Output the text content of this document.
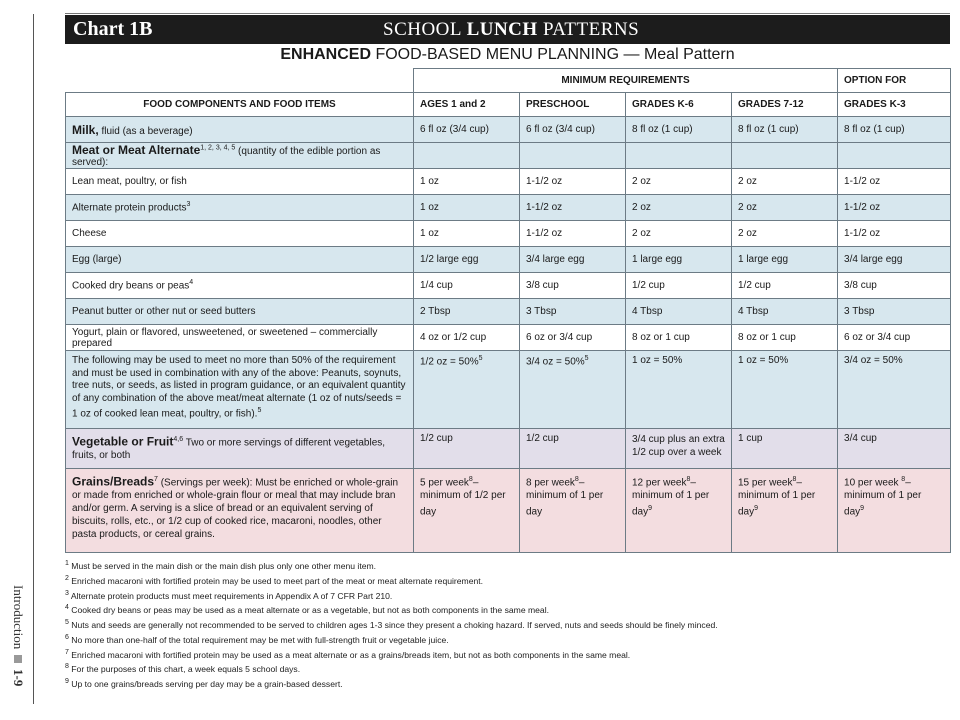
Introduction
1-9
Chart 1B	SCHOOL LUNCH PATTERNS
ENHANCED FOOD-BASED MENU PLANNING — Meal Pattern
	MINIMUM REQUIREMENTS				OPTION FOR
FOOD COMPONENTS AND FOOD ITEMS	AGES 1 and 2	PRESCHOOL	GRADES K-6	GRADES 7-12	GRADES K-3
Milk, fluid (as a beverage)	6 fl oz (3/4 cup)	6 fl oz (3/4 cup)	8 fl oz (1 cup)	8 fl oz (1 cup)	8 fl oz (1 cup)
Meat or Meat Alternate$^{1, 2, 3, 4, 5}$ (quantity of the edible portion as served):					
Lean meat, poultry, or fish	1 oz	1-1/2 oz	2 oz	2 oz	1-1/2 oz
Alternate protein products$^3$	1 oz	1-1/2 oz	2 oz	2 oz	1-1/2 oz
Cheese	1 oz	1-1/2 oz	2 oz	2 oz	1-1/2 oz
Egg (large)	1/2 large egg	3/4 large egg	1 large egg	1 large egg	3/4 large egg
Cooked dry beans or peas$^4$	1/4 cup	3/8 cup	1/2 cup	1/2 cup	3/8 cup
Peanut butter or other nut or seed butters	2 Tbsp	3 Tbsp	4 Tbsp	4 Tbsp	3 Tbsp
Yogurt, plain or flavored, unsweetened, or sweetened – commercially prepared	4 oz or 1/2 cup	6 oz or 3/4 cup	8 oz or 1 cup	8 oz or 1 cup	6 oz or 3/4 cup
The following may be used to meet no more than 50% of the requirement and must be used in combination with any of the above: Peanuts, soynuts, tree nuts, or seeds, as listed in program guidance, or an equivalent quantity of any combination of the above meat/meat alternate (1 oz of nuts/seeds = 1 oz of cooked lean meat, poultry, or fish).$^5$	1/2 oz = 50%$^5$	3/4 oz = 50%$^5$	1 oz = 50%	1 oz = 50%	3/4 oz = 50%
Vegetable or Fruit$^{4,6}$ Two or more servings of different vegetables, fruits, or both	1/2 cup	1/2 cup	3/4 cup plus an extra 1/2 cup over a week	1 cup	3/4 cup
Grains/Breads$^7$ (Servings per week): Must be enriched or whole-grain or made from enriched or whole-grain flour or meal that may include bran and/or germ. A serving is a slice of bread or an equivalent serving of biscuits, rolls, etc., or 1/2 cup of cooked rice, macaroni, noodles, other pasta products, or cereal grains.	5 per week$^8$–minimum of 1/2 per day	8 per week$^8$–minimum of 1 per day	12 per week$^8$–minimum of 1 per day$^9$	15 per week$^8$–minimum of 1 per day$^9$	10 per week $^8$–minimum of 1 per day$^9$
$^1$ Must be served in the main dish or the main dish plus only one other menu item.
$^2$ Enriched macaroni with fortified protein may be used to meet part of the meat or meat alternate requirement.
$^3$ Alternate protein products must meet requirements in Appendix A of 7 CFR Part 210.
$^4$ Cooked dry beans or peas may be used as a meat alternate or as a vegetable, but not as both components in the same meal.
$^5$ Nuts and seeds are generally not recommended to be served to children ages 1-3 since they present a choking hazard. If served, nuts and seeds should be finely minced.
$^6$ No more than one-half of the total requirement may be met with full-strength fruit or vegetable juice.
$^7$ Enriched macaroni with fortified protein may be used as a meat alternate or as a grains/breads item, but not as both components in the same meal.
$^8$ For the purposes of this chart, a week equals 5 school days.
$^9$ Up to one grains/breads serving per day may be a grain-based dessert.
